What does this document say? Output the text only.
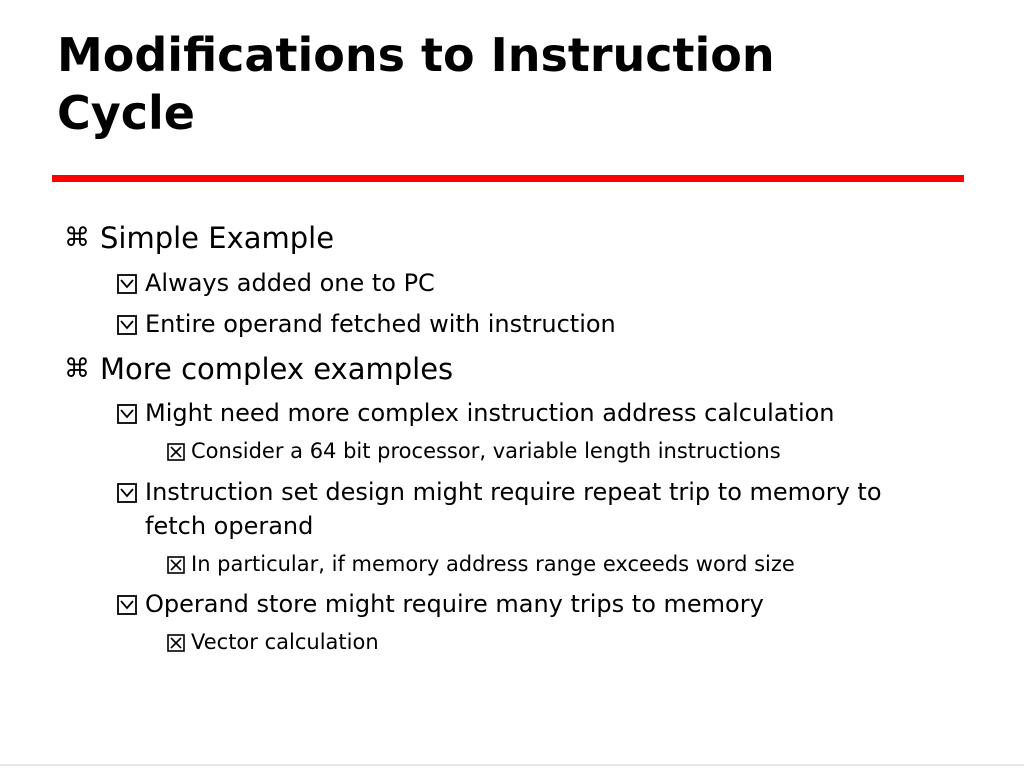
Modifications to Instruction
Cycle
⌘ Simple Example
Always added one to PC
Entire operand fetched with instruction
⌘ More complex examples
Might need more complex instruction address calculation
Consider a 64 bit processor, variable length instructions
Instruction set design might require repeat trip to memory to
fetch operand
In particular, if memory address range exceeds word size
Operand store might require many trips to memory
Vector calculation
